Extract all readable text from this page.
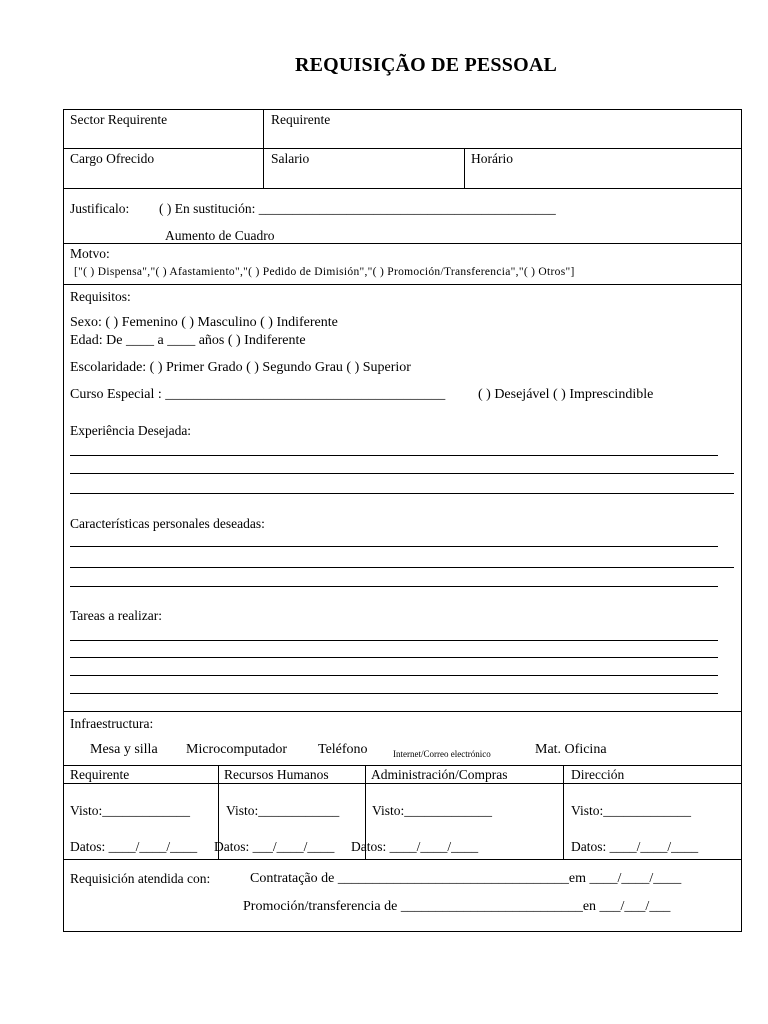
REQUISIÇÃO DE PESSOAL
Sector Requirente	Requirente
Cargo Ofrecido	Salario	Horário
Justificalo: ( ) En sustitución: ____________________________________________
Aumento de Cuadro
Motvo:
["( ) Dispensa","( ) Afastamiento","( ) Pedido de Dimisión","( ) Promoción/Transferencia","( ) Otros"]
Requisitos:
Sexo: ( ) Femenino ( ) Masculino ( ) Indiferente
Edad: De ____ a ____ años ( ) Indiferente
Escolaridade: ( ) Primer Grado ( ) Segundo Grau ( ) Superior
Curso Especial : ________________________________________ ( ) Desejável ( ) Imprescindible
Experiência Desejada:
Características personales deseadas:
Tareas a realizar:
Infraestructura:
Mesa y silla Microcomputador Teléfono	Internet/Correo electrónico	Mat. Oficina
Requirente	Recursos Humanos	Administración/Compras	Dirección
Visto:_____________	Visto:____________ Visto:_____________	Visto:_____________
Datos: ____/____/____ Datos: ___/____/____ Datos: ____/____/____	Datos: ____/____/____
Requisición atendida con:	Contratação de _________________________________em ____/____/____
Promoción/transferencia de __________________________en ___/___/___
